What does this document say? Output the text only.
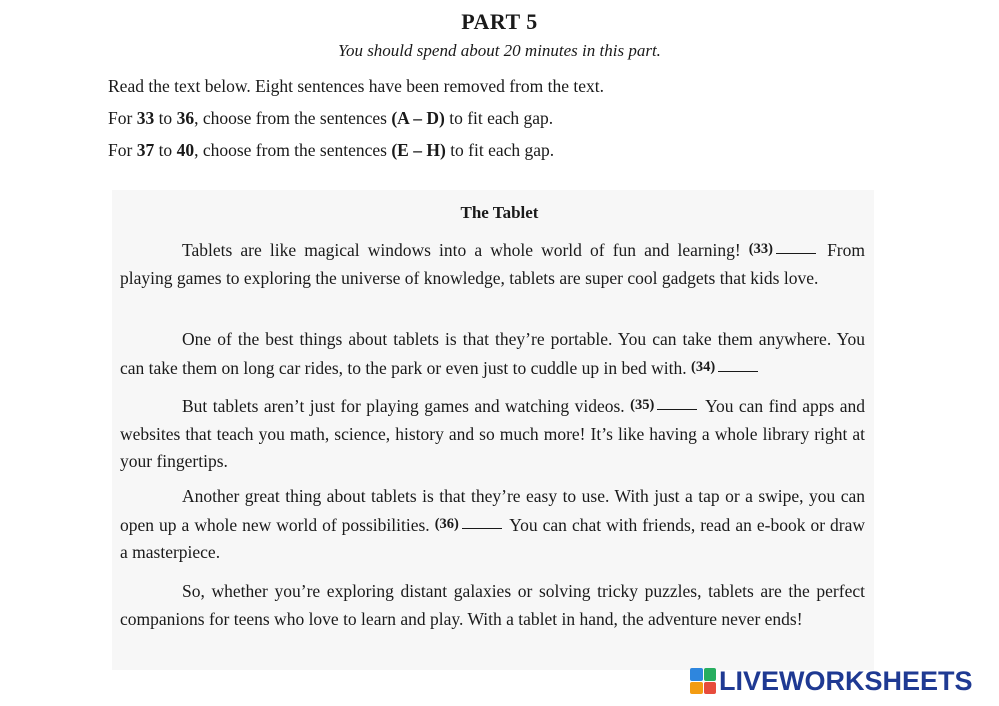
PART 5
You should spend about 20 minutes in this part.
Read the text below. Eight sentences have been removed from the text.
For 33 to 36, choose from the sentences (A – D) to fit each gap.
For 37 to 40, choose from the sentences (E – H) to fit each gap.
The Tablet

Tablets are like magical windows into a whole world of fun and learning! (33)	From playing games to exploring the universe of knowledge, tablets are super cool gadgets that kids love.

One of the best things about tablets is that they’re portable. You can take them anywhere. You can take them on long car rides, to the park or even just to cuddle up in bed with. (34)

But tablets aren’t just for playing games and watching videos. (35)	You can find apps and websites that teach you math, science, history and so much more! It’s like having a whole library right at your fingertips.

Another great thing about tablets is that they’re easy to use. With just a tap or a swipe, you can open up a whole new world of possibilities. (36)	You can chat with friends, read an e-book or draw a masterpiece.

So, whether you’re exploring distant galaxies or solving tricky puzzles, tablets are the perfect companions for teens who love to learn and play. With a tablet in hand, the adventure never ends!

LIVEWORKSHEETS
